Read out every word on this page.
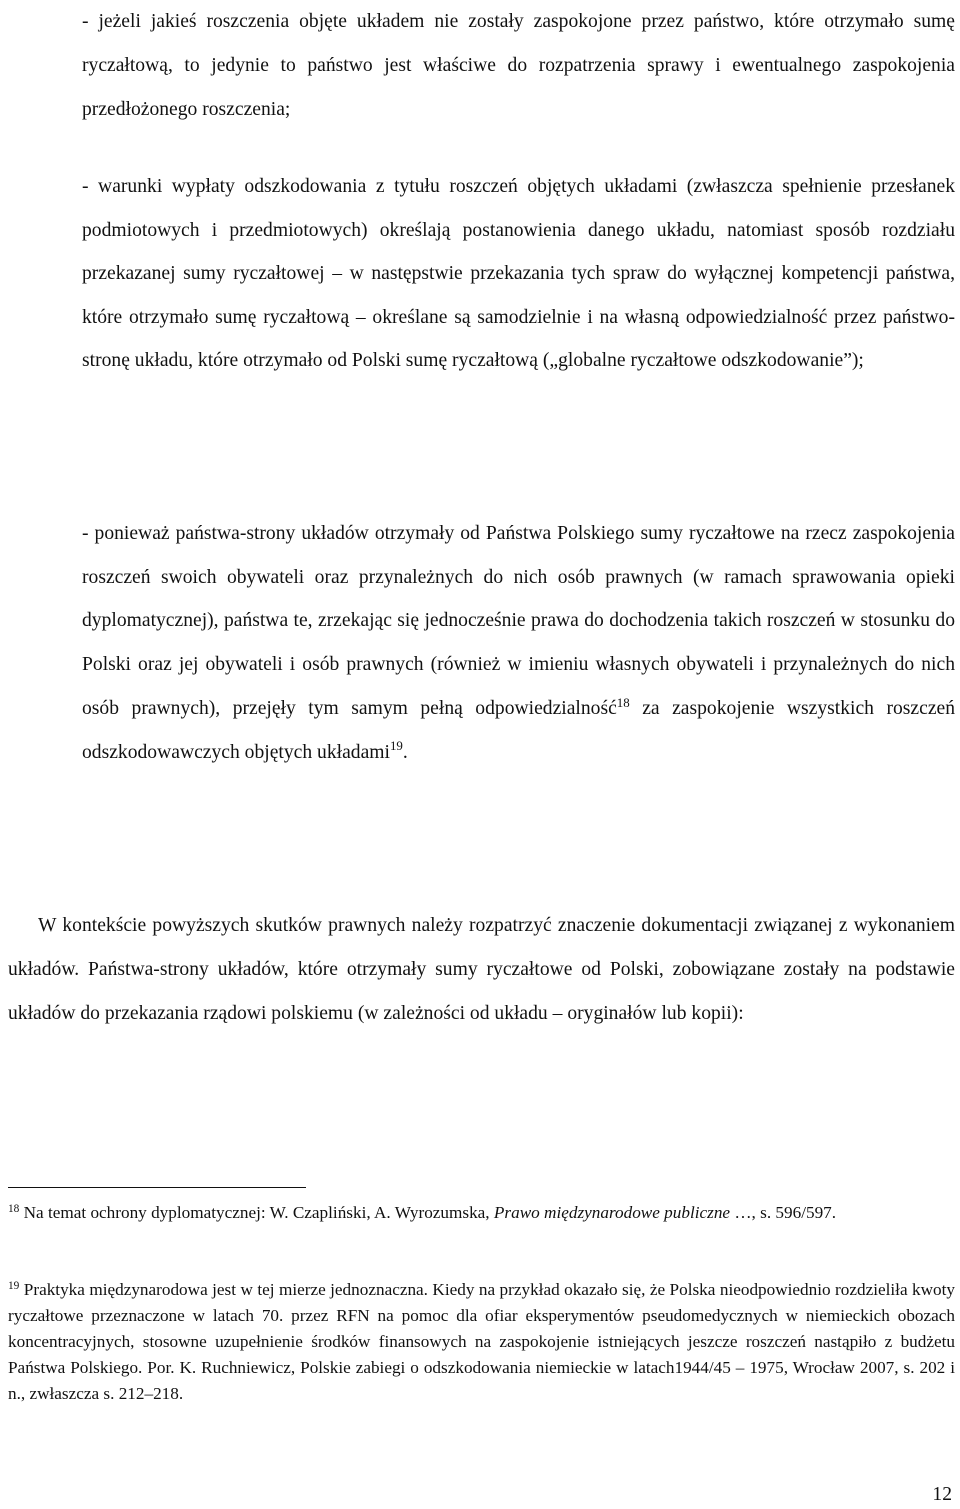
- jeżeli jakieś roszczenia objęte układem nie zostały zaspokojone przez państwo, które otrzymało sumę ryczałtową, to jedynie to państwo jest właściwe do rozpatrzenia sprawy i ewentualnego zaspokojenia przedłożonego roszczenia;

- warunki wypłaty odszkodowania z tytułu roszczeń objętych układami (zwłaszcza spełnienie przesłanek podmiotowych i przedmiotowych) określają postanowienia danego układu, natomiast sposób rozdziału przekazanej sumy ryczałtowej – w następstwie przekazania tych spraw do wyłącznej kompetencji państwa, które otrzymało sumę ryczałtową – określane są samodzielnie i na własną odpowiedzialność przez państwo-stronę układu, które otrzymało od Polski sumę ryczałtową („globalne ryczałtowe odszkodowanie”);

- ponieważ państwa-strony układów otrzymały od Państwa Polskiego sumy ryczałtowe na rzecz zaspokojenia roszczeń swoich obywateli oraz przynależnych do nich osób prawnych (w ramach sprawowania opieki dyplomatycznej), państwa te, zrzekając się jednocześnie prawa do dochodzenia takich roszczeń w stosunku do Polski oraz jej obywateli i osób prawnych (również w imieniu własnych obywateli i przynależnych do nich osób prawnych), przejęły tym samym pełną odpowiedzialność$^{18}$ za zaspokojenie wszystkich roszczeń odszkodowawczych objętych układami$^{19}$.

W kontekście powyższych skutków prawnych należy rozpatrzyć znaczenie dokumentacji związanej z wykonaniem układów. Państwa-strony układów, które otrzymały sumy ryczałtowe od Polski, zobowiązane zostały na podstawie układów do przekazania rządowi polskiemu (w zależności od układu – oryginałów lub kopii):

$^{18}$ Na temat ochrony dyplomatycznej: W. Czapliński, A. Wyrozumska, Prawo międzynarodowe publiczne …, s. 596/597.

$^{19}$ Praktyka międzynarodowa jest w tej mierze jednoznaczna. Kiedy na przykład okazało się, że Polska nieodpowiednio rozdzieliła kwoty ryczałtowe przeznaczone w latach 70. przez RFN na pomoc dla ofiar eksperymentów pseudomedycznych w niemieckich obozach koncentracyjnych, stosowne uzupełnienie środków finansowych na zaspokojenie istniejących jeszcze roszczeń nastąpiło z budżetu Państwa Polskiego. Por. K. Ruchniewicz, Polskie zabiegi o odszkodowania niemieckie w latach1944/45 – 1975, Wrocław 2007, s. 202 i n., zwłaszcza s. 212–218.

12
